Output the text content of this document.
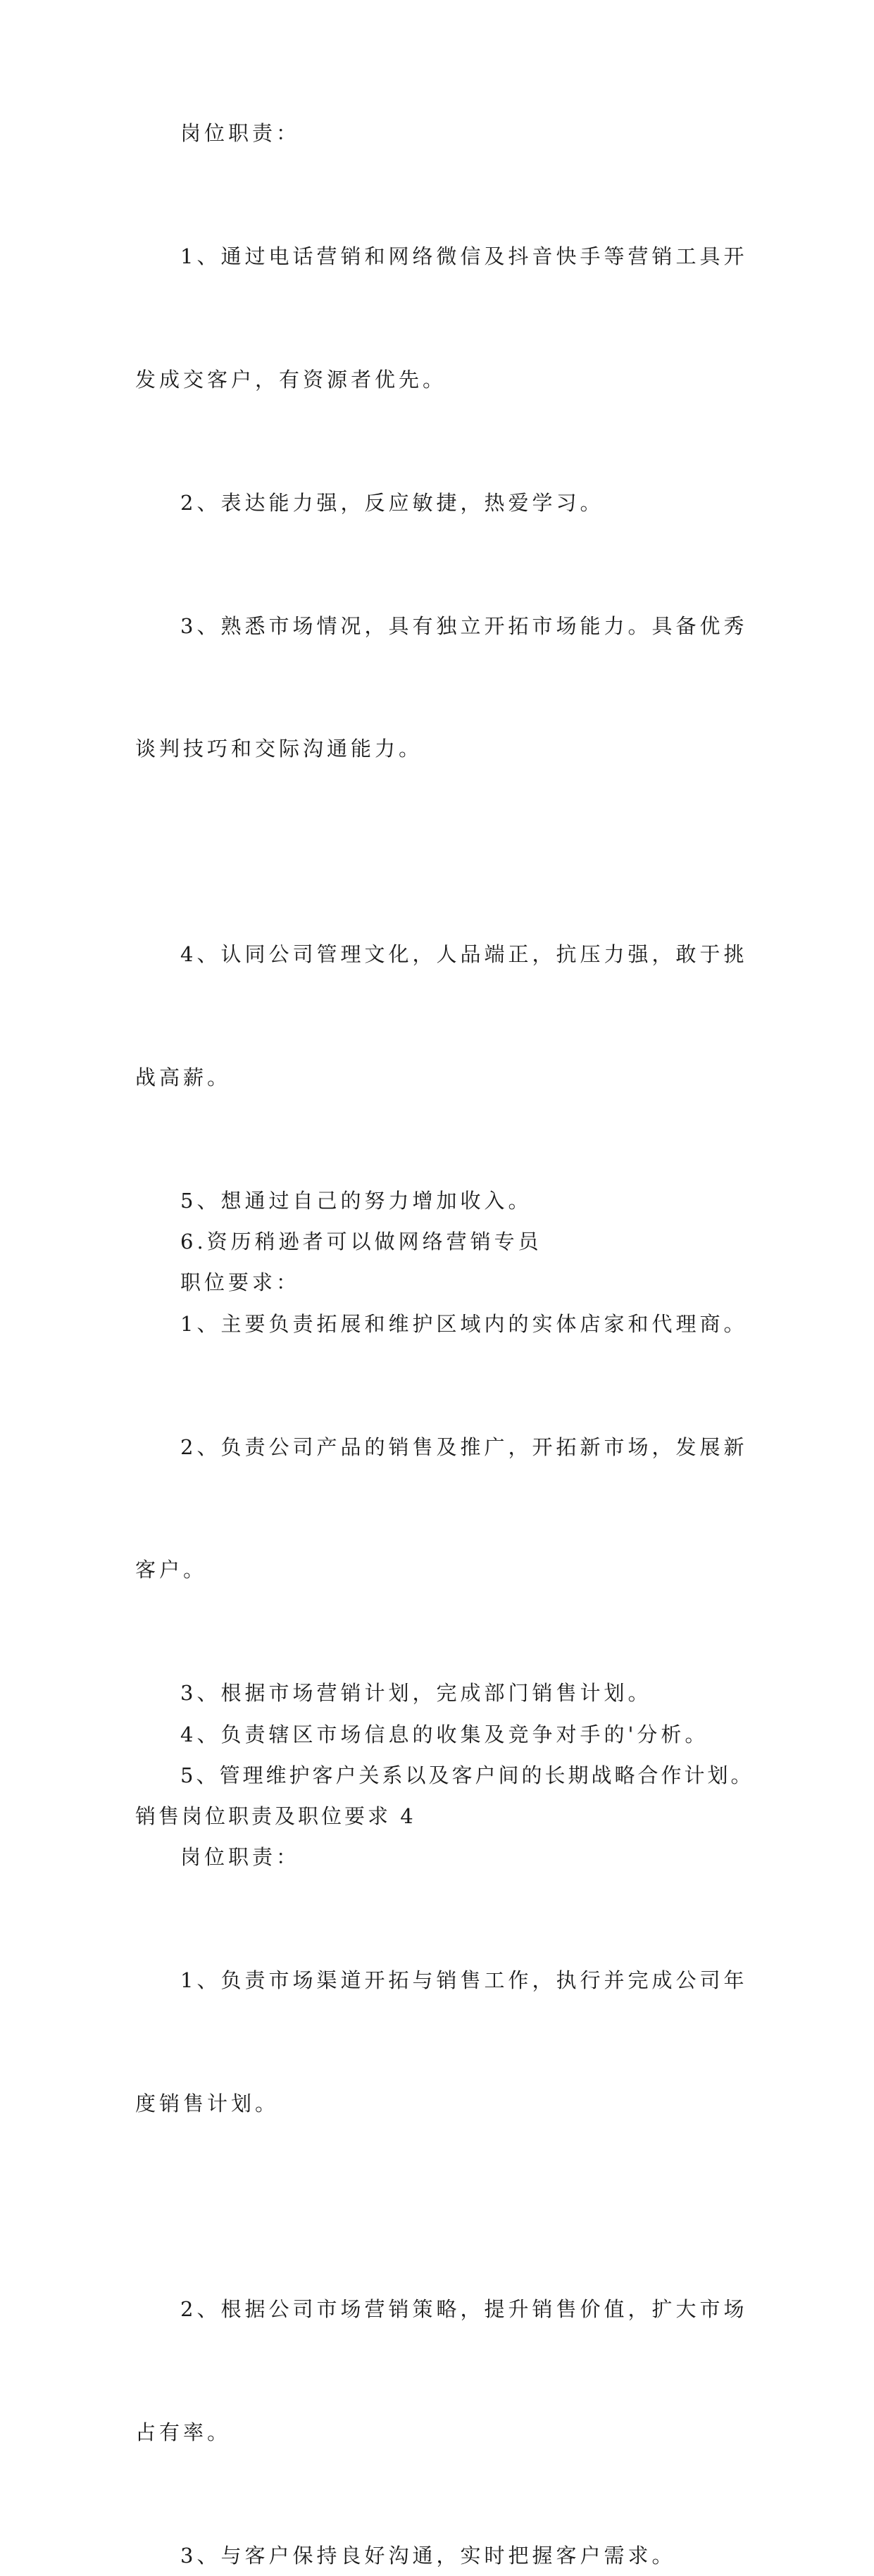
岗位职责：

1、通过电话营销和网络微信及抖音快手等营销工具开

发成交客户，有资源者优先。

2、表达能力强，反应敏捷，热爱学习。

3、熟悉市场情况，具有独立开拓市场能力。具备优秀

谈判技巧和交际沟通能力。

4、认同公司管理文化，人品端正，抗压力强，敢于挑

战高薪。

5、想通过自己的努力增加收入。

6.资历稍逊者可以做网络营销专员

职位要求：

1、主要负责拓展和维护区域内的实体店家和代理商。

2、负责公司产品的销售及推广，开拓新市场，发展新

客户。

3、根据市场营销计划，完成部门销售计划。

4、负责辖区市场信息的收集及竞争对手的'分析。

5、管理维护客户关系以及客户间的长期战略合作计划。

销售岗位职责及职位要求 4

岗位职责：

1、负责市场渠道开拓与销售工作，执行并完成公司年

度销售计划。

2、根据公司市场营销策略，提升销售价值，扩大市场

占有率。

3、与客户保持良好沟通，实时把握客户需求。
